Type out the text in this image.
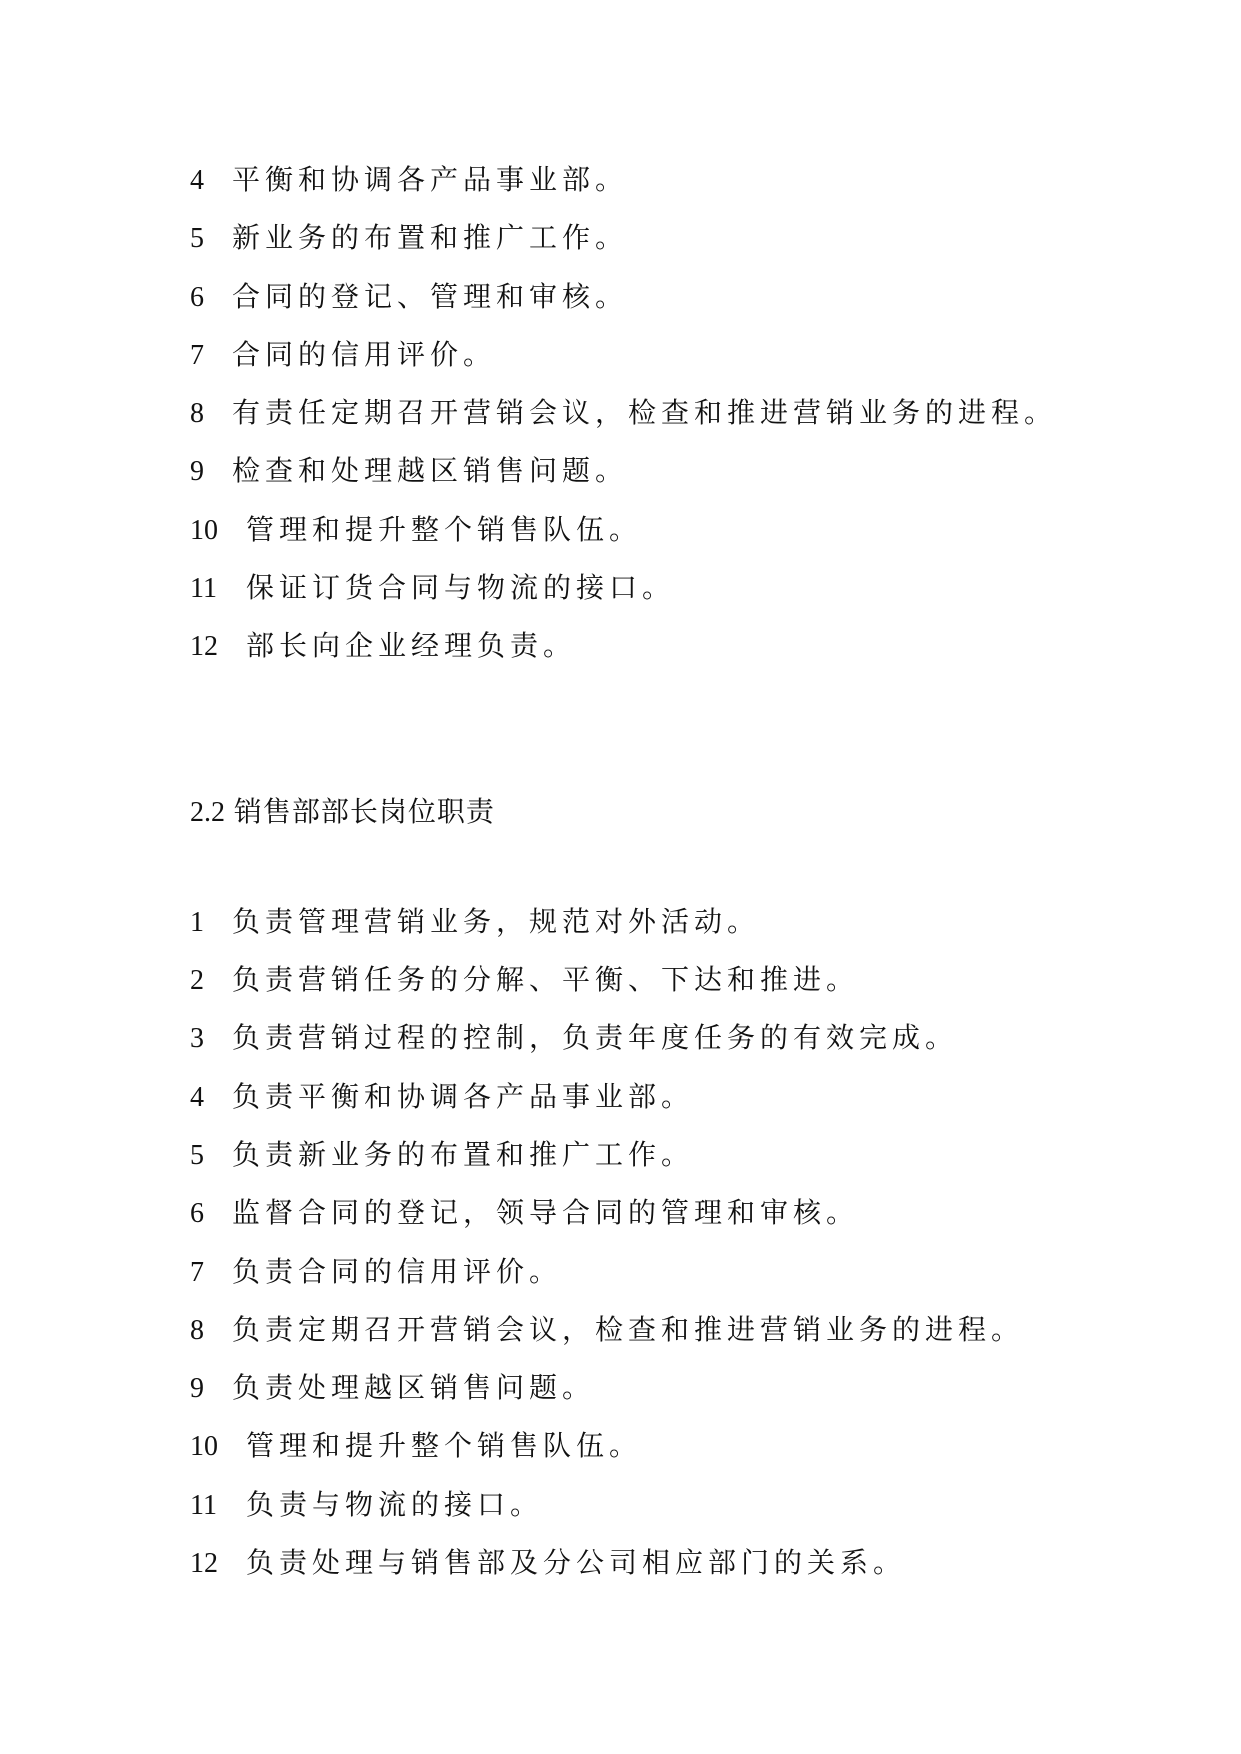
4 平衡和协调各产品事业部。
5 新业务的布置和推广工作。
6 合同的登记、管理和审核。
7 合同的信用评价。
8 有责任定期召开营销会议，检查和推进营销业务的进程。
9 检查和处理越区销售问题。
10 管理和提升整个销售队伍。
11 保证订货合同与物流的接口。
12 部长向企业经理负责。
2.2 销售部部长岗位职责
1 负责管理营销业务，规范对外活动。
2 负责营销任务的分解、平衡、下达和推进。
3 负责营销过程的控制，负责年度任务的有效完成。
4 负责平衡和协调各产品事业部。
5 负责新业务的布置和推广工作。
6 监督合同的登记，领导合同的管理和审核。
7 负责合同的信用评价。
8 负责定期召开营销会议，检查和推进营销业务的进程。
9 负责处理越区销售问题。
10 管理和提升整个销售队伍。
11 负责与物流的接口。
12 负责处理与销售部及分公司相应部门的关系。
